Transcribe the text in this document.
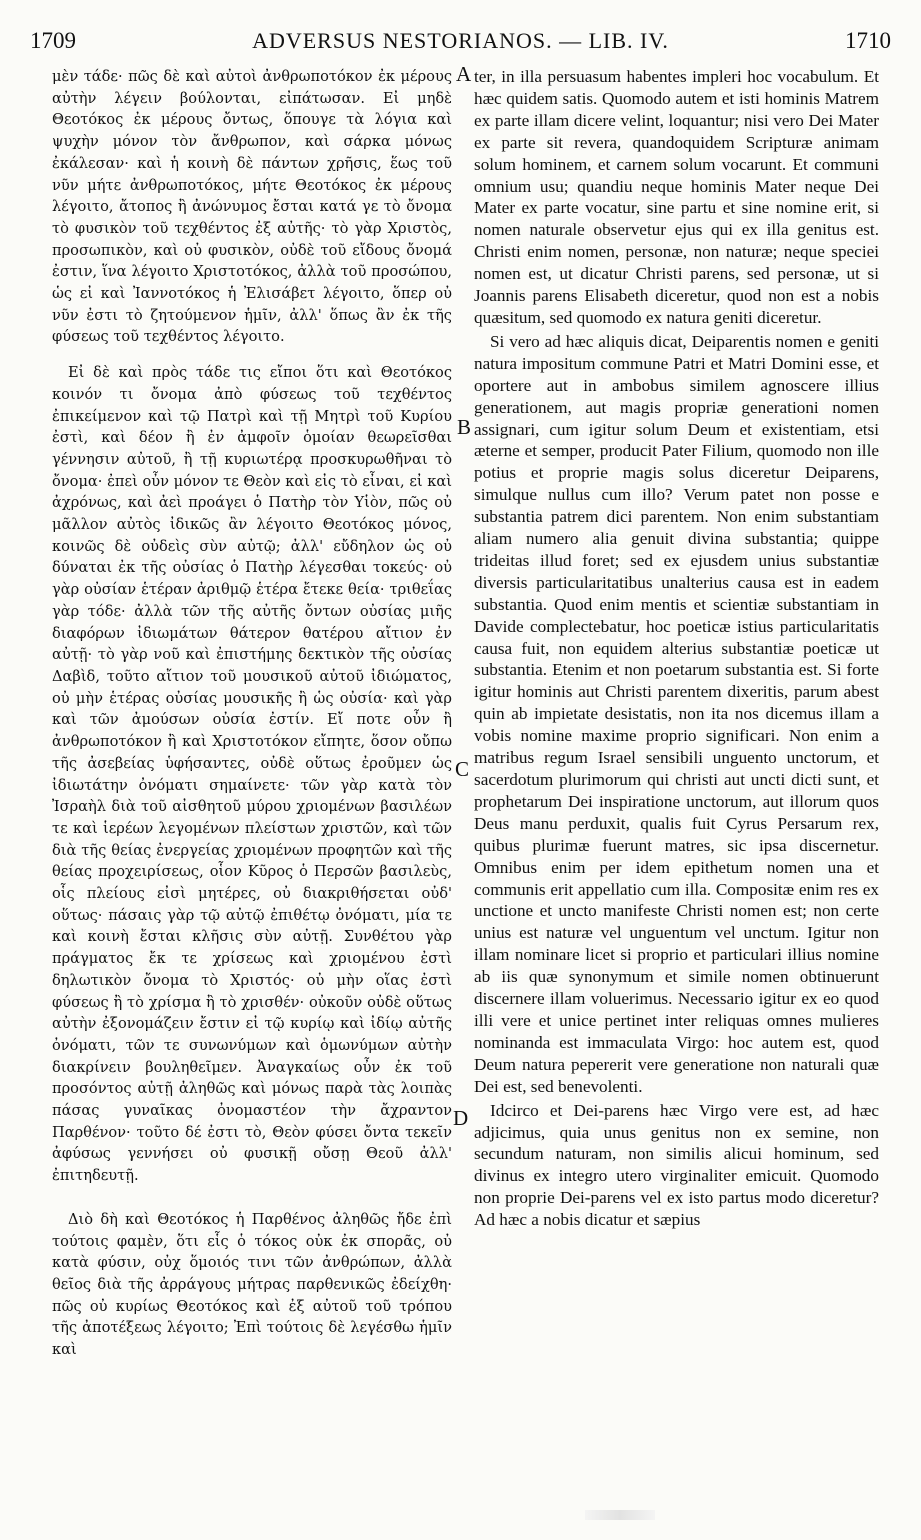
1709	ADVERSUS NESTORIANOS. — LIB. IV.	1710

μὲν τάδε· πῶς δὲ καὶ αὐτοὶ ἀνθρωποτόκον ἐκ μέρους αὐτὴν λέγειν βούλονται, εἰπάτωσαν. Εἰ μηδὲ Θεοτόκος ἐκ μέρους ὄντως, ὅπουγε τὰ λόγια καὶ ψυχὴν μόνον τὸν ἄνθρωπον, καὶ σάρκα μόνως ἐκάλεσαν· καὶ ἡ κοινὴ δὲ πάντων χρῆσις, ἕως τοῦ νῦν μήτε ἀνθρωποτόκος, μήτε Θεοτόκος ἐκ μέρους λέγοιτο, ἄτοπος ἢ ἀνώνυμος ἔσται κατά γε τὸ ὄνομα τὸ φυσικὸν τοῦ τεχθέντος ἐξ αὐτῆς· τὸ γὰρ Χριστὸς, προσωπικὸν, καὶ οὐ φυσικὸν, οὐδὲ τοῦ εἴδους ὄνομά ἐστιν, ἵνα λέγοιτο Χριστοτόκος, ἀλλὰ τοῦ προσώπου, ὡς εἰ καὶ Ἰαννοτόκος ἡ Ἐλισάβετ λέγοιτο, ὅπερ οὐ νῦν ἐστι τὸ ζητούμενον ἡμῖν, ἀλλ' ὅπως ἂν ἐκ τῆς φύσεως τοῦ τεχθέντος λέγοιτο.

Εἰ δὲ καὶ πρὸς τάδε τις εἴποι ὅτι καὶ Θεοτόκος κοινόν τι ὄνομα ἀπὸ φύσεως τοῦ τεχθέντος ἐπικείμενον καὶ τῷ Πατρὶ καὶ τῇ Μητρὶ τοῦ Κυρίου ἐστὶ, καὶ δέον ἢ ἐν ἀμφοῖν ὁμοίαν θεωρεῖσθαι γέννησιν αὐτοῦ, ἢ τῇ κυριωτέρᾳ προσκυρωθῆναι τὸ ὄνομα· ἐπεὶ οὖν μόνον τε Θεὸν καὶ εἰς τὸ εἶναι, εἰ καὶ ἀχρόνως, καὶ ἀεὶ προάγει ὁ Πατὴρ τὸν Υἱὸν, πῶς οὐ μᾶλλον αὐτὸς ἰδικῶς ἂν λέγοιτο Θεοτόκος μόνος, κοινῶς δὲ οὐδεὶς σὺν αὐτῷ; ἀλλ' εὔδηλον ὡς οὐ δύναται ἐκ τῆς οὐσίας ὁ Πατὴρ λέγεσθαι τοκεύς· οὐ γὰρ οὐσίαν ἑτέραν ἀριθμῷ ἑτέρα ἔτεκε θεία· τριθεΐας γὰρ τόδε· ἀλλὰ τῶν τῆς αὐτῆς ὄντων οὐσίας μιῆς διαφόρων ἰδιωμάτων θάτερον θατέρου αἴτιον ἐν αὐτῇ· τὸ γὰρ νοῦ καὶ ἐπιστήμης δεκτικὸν τῆς οὐσίας Δαβὶδ, τοῦτο αἴτιον τοῦ μουσικοῦ αὐτοῦ ἰδιώματος, οὐ μὴν ἑτέρας οὐσίας μουσικῆς ἢ ὡς οὐσία· καὶ γὰρ καὶ τῶν ἀμούσων οὐσία ἐστίν. Εἴ ποτε οὖν ἢ ἀνθρωποτόκον ἢ καὶ Χριστοτόκον εἴπητε, ὅσον οὔπω τῆς ἀσεβείας ὑφήσαντες, οὐδὲ οὕτως ἐροῦμεν ὡς ἰδιωτάτην ὀνόματι σημαίνετε· τῶν γὰρ κατὰ τὸν Ἰσραὴλ διὰ τοῦ αἰσθητοῦ μύρου χριομένων βασιλέων τε καὶ ἱερέων λεγομένων πλείστων χριστῶν, καὶ τῶν διὰ τῆς θείας ἐνεργείας χριομένων προφητῶν καὶ τῆς θείας προχειρίσεως, οἷον Κῦρος ὁ Περσῶν βασιλεὺς, οἷς πλείους εἰσὶ μητέρες, οὐ διακριθήσεται οὐδ' οὕτως· πάσαις γὰρ τῷ αὐτῷ ἐπιθέτῳ ὀνόματι, μία τε καὶ κοινὴ ἔσται κλῆσις σὺν αὐτῇ. Συνθέτου γὰρ πράγματος ἔκ τε χρίσεως καὶ χριομένου ἐστὶ δηλωτικὸν ὄνομα τὸ Χριστός· οὐ μὴν οἵας ἐστὶ φύσεως ἢ τὸ χρίσμα ἢ τὸ χρισθέν· οὐκοῦν οὐδὲ οὕτως αὐτὴν ἐξονομάζειν ἔστιν εἰ τῷ κυρίῳ καὶ ἰδίῳ αὐτῆς ὀνόματι, τῶν τε συνωνύμων καὶ ὁμωνύμων αὐτὴν διακρίνειν βουληθεῖμεν. Ἀναγκαίως οὖν ἐκ τοῦ προσόντος αὐτῇ ἀληθῶς καὶ μόνως παρὰ τὰς λοιπὰς πάσας γυναῖκας ὀνομαστέον τὴν ἄχραντον Παρθένον· τοῦτο δέ ἐστι τὸ, Θεὸν φύσει ὄντα τεκεῖν ἀφύσως γεννήσει οὐ φυσικῇ οὔσῃ Θεοῦ ἀλλ' ἐπιτηδευτῇ.

Διὸ δὴ καὶ Θεοτόκος ἡ Παρθένος ἀληθῶς ἤδε ἐπὶ τούτοις φαμὲν, ὅτι εἷς ὁ τόκος οὐκ ἐκ σπορᾶς, οὐ κατὰ φύσιν, οὐχ ὅμοιός τινι τῶν ἀνθρώπων, ἀλλὰ θεῖος διὰ τῆς ἀρράγους μήτρας παρθενικῶς ἐδείχθη· πῶς οὐ κυρίως Θεοτόκος καὶ ἐξ αὐτοῦ τοῦ τρόπου τῆς ἀποτέξεως λέγοιτο; Ἐπὶ τούτοις δὲ λεγέσθω ἡμῖν καὶ

A
B
C
D

ter, in illa persuasum habentes impleri hoc vocabulum. Et hæc quidem satis. Quomodo autem et isti hominis Matrem ex parte illam dicere velint, loquantur; nisi vero Dei Mater ex parte sit revera, quandoquidem Scripturæ animam solum hominem, et carnem solum vocarunt. Et communi omnium usu; quandiu neque hominis Mater neque Dei Mater ex parte vocatur, sine partu et sine nomine erit, si nomen naturale observetur ejus qui ex illa genitus est. Christi enim nomen, personæ, non naturæ; neque speciei nomen est, ut dicatur Christi parens, sed personæ, ut si Joannis parens Elisabeth diceretur, quod non est a nobis quæsitum, sed quomodo ex natura geniti diceretur.

Si vero ad hæc aliquis dicat, Deiparentis nomen e geniti natura impositum commune Patri et Matri Domini esse, et oportere aut in ambobus similem agnoscere illius generationem, aut magis propriæ generationi nomen assignari, cum igitur solum Deum et existentiam, etsi æterne et semper, producit Pater Filium, quomodo non ille potius et proprie magis solus diceretur Deiparens, simulque nullus cum illo? Verum patet non posse e substantia patrem dici parentem. Non enim substantiam aliam numero alia genuit divina substantia; quippe trideitas illud foret; sed ex ejusdem unius substantiæ diversis particularitatibus unalterius causa est in eadem substantia. Quod enim mentis et scientiæ substantiam in Davide complectebatur, hoc poeticæ istius particularitatis causa fuit, non equidem alterius substantiæ poeticæ ut substantia. Etenim et non poetarum substantia est. Si forte igitur hominis aut Christi parentem dixeritis, parum abest quin ab impietate desistatis, non ita nos dicemus illam a vobis nomine maxime proprio significari. Non enim a matribus regum Israel sensibili unguento unctorum, et sacerdotum plurimorum qui christi aut uncti dicti sunt, et prophetarum Dei inspiratione unctorum, aut illorum quos Deus manu perduxit, qualis fuit Cyrus Persarum rex, quibus plurimæ fuerunt matres, sic ipsa discernetur. Omnibus enim per idem epithetum nomen una et communis erit appellatio cum illa. Compositæ enim res ex unctione et uncto manifeste Christi nomen est; non certe unius est naturæ vel unguentum vel unctum. Igitur non illam nominare licet si proprio et particulari illius nomine ab iis quæ synonymum et simile nomen obtinuerunt discernere illam voluerimus. Necessario igitur ex eo quod illi vere et unice pertinet inter reliquas omnes mulieres nominanda est immaculata Virgo: hoc autem est, quod Deum natura pepererit vere generatione non naturali quæ Dei est, sed benevolenti.

Idcirco et Dei-parens hæc Virgo vere est, ad hæc adjicimus, quia unus genitus non ex semine, non secundum naturam, non similis alicui hominum, sed divinus ex integro utero virginaliter emicuit. Quomodo non proprie Dei-parens vel ex isto partus modo diceretur? Ad hæc a nobis dicatur et sæpius
